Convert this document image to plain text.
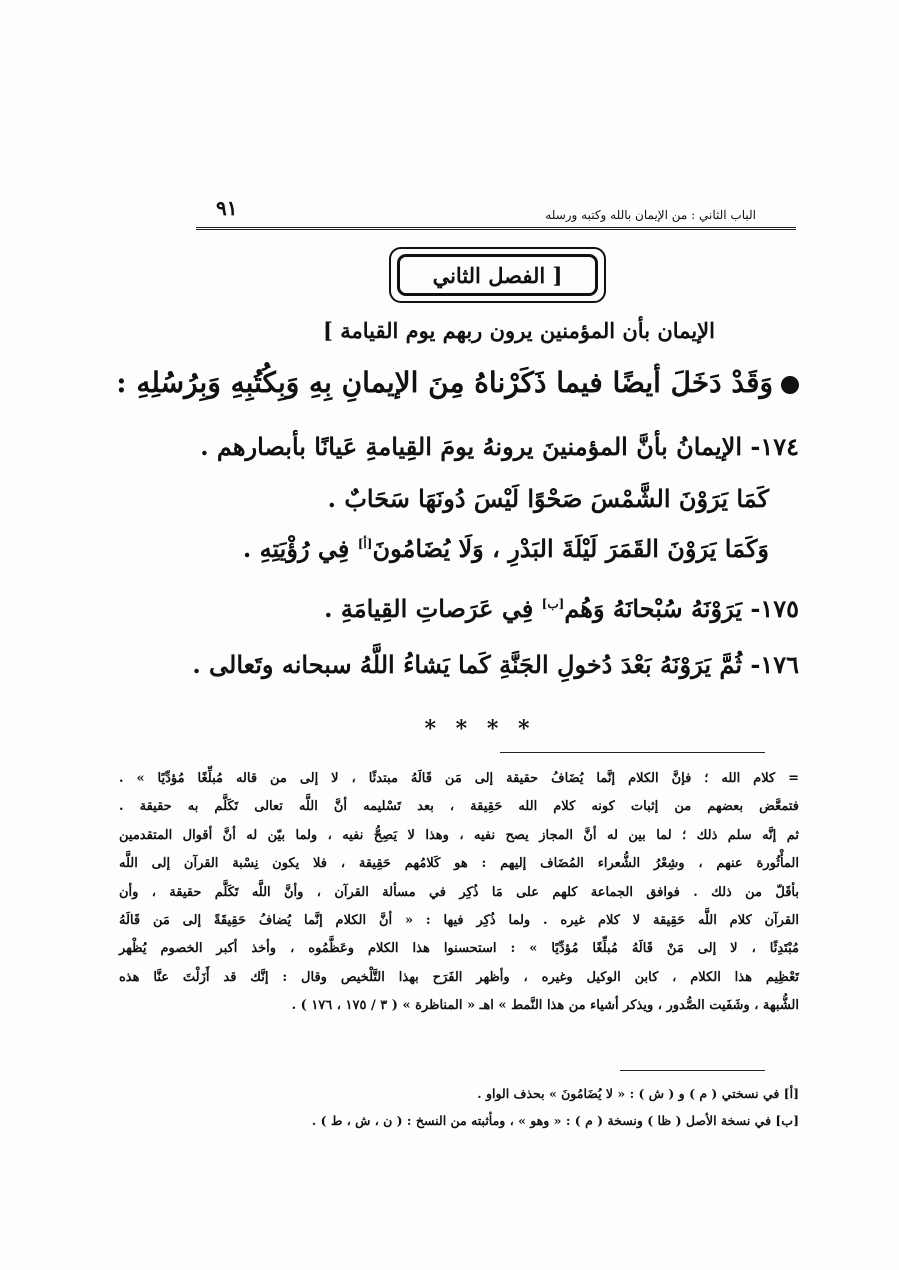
الباب الثاني : من الإيمان بالله وكتبه ورسله
٩١
[ الفصل الثاني
الإيمان بأن المؤمنين يرون ربهم يوم القيامة ]
وَقَدْ دَخَلَ أيضًا فيما ذَكَرْناهُ مِنَ الإيمانِ بِهِ وَبِكُتُبِهِ وَبِرُسُلِهِ :
١٧٤- الإيمانُ بأنَّ المؤمنينَ يرونهُ يومَ القِيامةِ عَيانًا بأبصارهم .
كَمَا يَرَوْنَ الشَّمْسَ صَحْوًا لَيْسَ دُونَهَا سَحَابٌ .
وَكَمَا يَرَوْنَ القَمَرَ لَيْلَةَ البَدْرِ ، وَلَا يُضَامُونَ[أ] فِي رُؤْيَتِهِ .
١٧٥- يَرَوْنَهُ سُبْحانَهُ وَهُم[ب] فِي عَرَصاتِ القِيامَةِ .
١٧٦- ثُمَّ يَرَوْنَهُ بَعْدَ دُخولِ الجَنَّةِ كَما يَشاءُ اللَّهُ سبحانه وتَعالى .
* * * *

= كلام الله ؛ فإنَّ الكلام إنَّما يُضَافُ حقيقة إلى مَن قَالَهُ مبتدئًا ، لا إلى من قاله مُبلِّغًا مُؤدِّيًا » .

فتمعَّض بعضهم من إثبات كونه كلام الله حَقِيقة ، بعد تَسْليمه أنَّ اللَّه تعالى تَكَلَّم به حقيقة .

ثم إنَّه سلم ذلك ؛ لما بين له أنَّ المجاز يصح نفيه ، وهذا لا يَصِحُّ نفيه ، ولما بيّن له أنَّ أقوال المتقدمين

المأْثُورة عنهم ، وشِعْرُ الشُّعراء المُضَاف إليهم : هو كَلامُهم حَقِيقة ، فلا يكون نِسْبة القرآن إلى اللَّه

بأقَلّ من ذلك . فوافق الجماعة كلهم على مَا ذُكِر في مسألة القرآن ، وأنَّ اللَّه تَكَلَّم حقيقة ، وأن

القرآن كلام اللَّه حَقِيقة لا كلام غيره . ولما ذُكِر فيها : « أنَّ الكلام إنَّما يُضافُ حَقِيقَةً إلى مَن قَالَهُ

مُبْتَدِئًا ، لا إلى مَنْ قَالَهُ مُبلِّغًا مُؤدِّيًا » : استحسنوا هذا الكلام وعَظَّمُوه ، وأخذ أكبر الخصوم يُظْهر

تَعْظِيم هذا الكلام ، كابن الوكيل وغيره ، وأظهر الفَرَح بهذا التَّلْخيص وقال : إنَّك قد أَزَلْتَ عنَّا هذه

الشُّبهة ، وشَفَيت الصُّدور ، ويذكر أشياء من هذا النَّمط » اهـ « المناظرة » ( ٣ / ١٧٥ ، ١٧٦ ) .

[أ] في نسختي ( م ) و ( ش ) : « لا يُضَامُونَ » بحذف الواو .

[ب] في نسخة الأصل ( ظا ) ونسخة ( م ) : « وهو » ، ومأثبته من النسخ : ( ن ، ش ، ط ) .
